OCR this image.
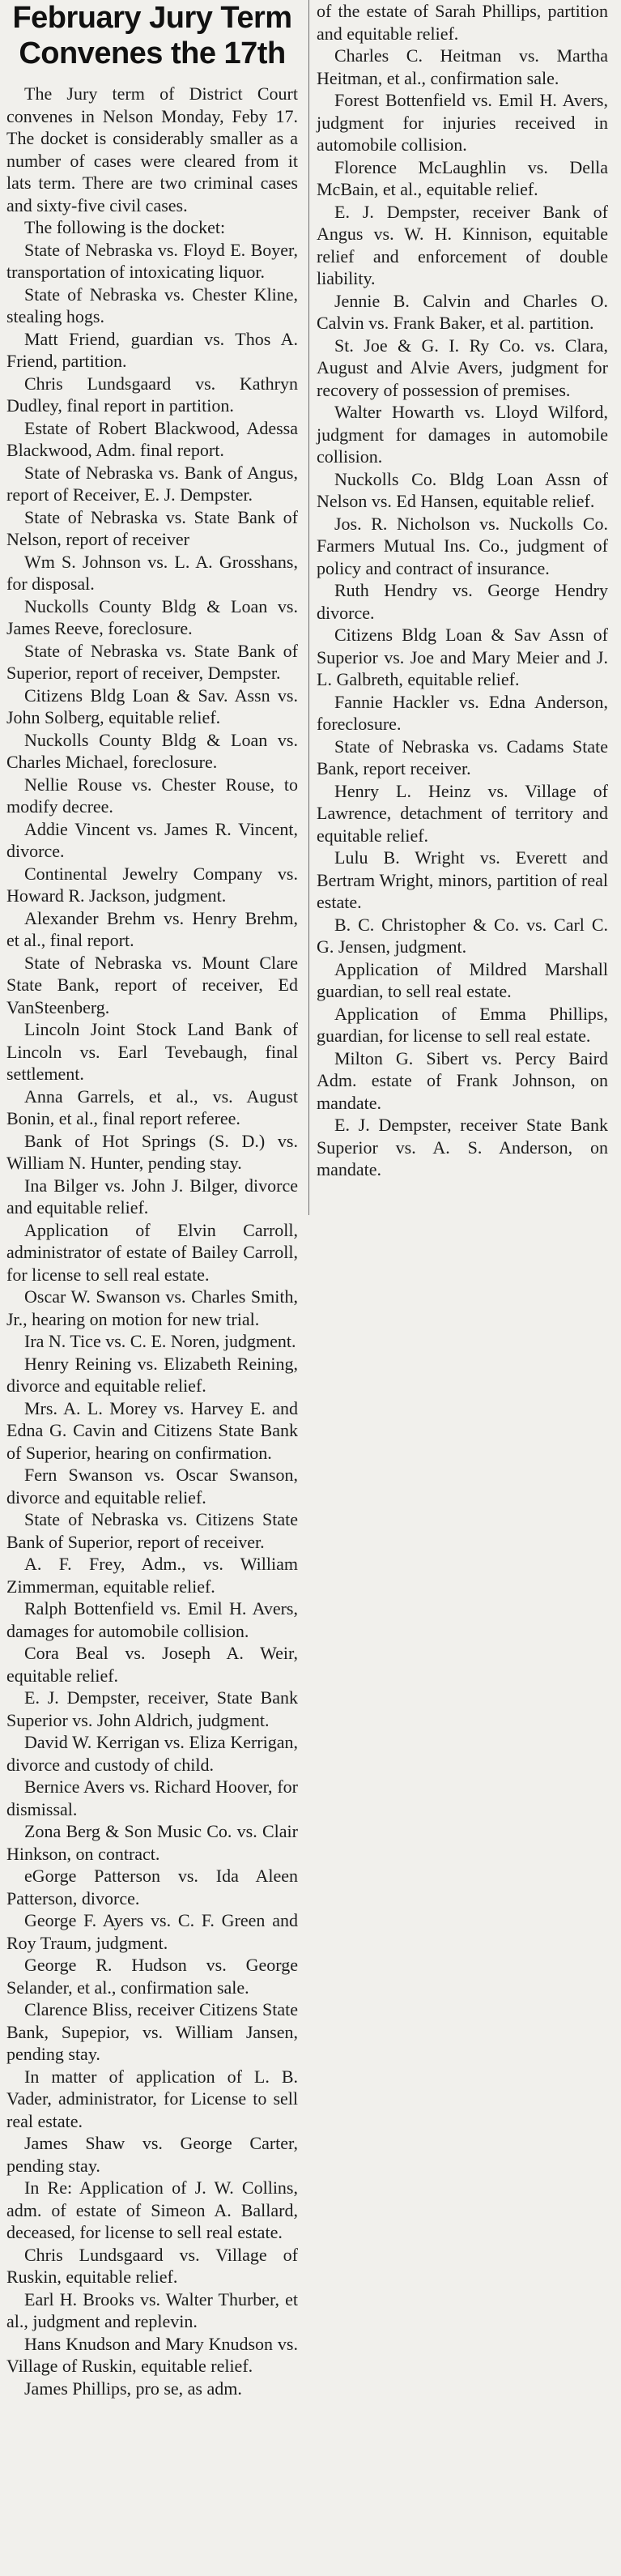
February Jury Term
Convenes the 17th

The Jury term of District Court convenes in Nelson Monday, Feby 17. The docket is considerably smaller as a number of cases were cleared from it lats term. There are two criminal cases and sixty-five civil cases.

The following is the docket:

State of Nebraska vs. Floyd E. Boyer, transportation of intoxicating liquor.

State of Nebraska vs. Chester Kline, stealing hogs.

Matt Friend, guardian vs. Thos A. Friend, partition.

Chris Lundsgaard vs. Kathryn Dudley, final report in partition.

Estate of Robert Blackwood, Adessa Blackwood, Adm. final report.

State of Nebraska vs. Bank of Angus, report of Receiver, E. J. Dempster.

State of Nebraska vs. State Bank of Nelson, report of receiver

Wm S. Johnson vs. L. A. Grosshans, for disposal.

Nuckolls County Bldg & Loan vs. James Reeve, foreclosure.

State of Nebraska vs. State Bank of Superior, report of receiver, Dempster.

Citizens Bldg Loan & Sav. Assn vs. John Solberg, equitable relief.

Nuckolls County Bldg & Loan vs. Charles Michael, foreclosure.

Nellie Rouse vs. Chester Rouse, to modify decree.

Addie Vincent vs. James R. Vincent, divorce.

Continental Jewelry Company vs. Howard R. Jackson, judgment.

Alexander Brehm vs. Henry Brehm, et al., final report.

State of Nebraska vs. Mount Clare State Bank, report of receiver, Ed VanSteenberg.

Lincoln Joint Stock Land Bank of Lincoln vs. Earl Tevebaugh, final settlement.

Anna Garrels, et al., vs. August Bonin, et al., final report referee.

Bank of Hot Springs (S. D.) vs. William N. Hunter, pending stay.

Ina Bilger vs. John J. Bilger, divorce and equitable relief.

Application of Elvin Carroll, administrator of estate of Bailey Carroll, for license to sell real estate.

Oscar W. Swanson vs. Charles Smith, Jr., hearing on motion for new trial.

Ira N. Tice vs. C. E. Noren, judgment.

Henry Reining vs. Elizabeth Reining, divorce and equitable relief.

Mrs. A. L. Morey vs. Harvey E. and Edna G. Cavin and Citizens State Bank of Superior, hearing on confirmation.

Fern Swanson vs. Oscar Swanson, divorce and equitable relief.

State of Nebraska vs. Citizens State Bank of Superior, report of receiver.

A. F. Frey, Adm., vs. William Zimmerman, equitable relief.

Ralph Bottenfield vs. Emil H. Avers, damages for automobile collision.

Cora Beal vs. Joseph A. Weir, equitable relief.

E. J. Dempster, receiver, State Bank Superior vs. John Aldrich, judgment.

David W. Kerrigan vs. Eliza Kerrigan, divorce and custody of child.

Bernice Avers vs. Richard Hoover, for dismissal.

Zona Berg & Son Music Co. vs. Clair Hinkson, on contract.

eGorge Patterson vs. Ida Aleen Patterson, divorce.

George F. Ayers vs. C. F. Green and Roy Traum, judgment.

George R. Hudson vs. George Selander, et al., confirmation sale.

Clarence Bliss, receiver Citizens State Bank, Supepior, vs. William Jansen, pending stay.

In matter of application of L. B. Vader, administrator, for License to sell real estate.

James Shaw vs. George Carter, pending stay.

In Re: Application of J. W. Collins, adm. of estate of Simeon A. Ballard, deceased, for license to sell real estate.

Chris Lundsgaard vs. Village of Ruskin, equitable relief.

Earl H. Brooks vs. Walter Thurber, et al., judgment and replevin.

Hans Knudson and Mary Knudson vs. Village of Ruskin, equitable relief.

James Phillips, pro se, as adm.

of the estate of Sarah Phillips, partition and equitable relief.

Charles C. Heitman vs. Martha Heitman, et al., confirmation sale.

Forest Bottenfield vs. Emil H. Avers, judgment for injuries received in automobile collision.

Florence McLaughlin vs. Della McBain, et al., equitable relief.

E. J. Dempster, receiver Bank of Angus vs. W. H. Kinnison, equitable relief and enforcement of double liability.

Jennie B. Calvin and Charles O. Calvin vs. Frank Baker, et al. partition.

St. Joe & G. I. Ry Co. vs. Clara, August and Alvie Avers, judgment for recovery of possession of premises.

Walter Howarth vs. Lloyd Wilford, judgment for damages in automobile collision.

Nuckolls Co. Bldg Loan Assn of Nelson vs. Ed Hansen, equitable relief.

Jos. R. Nicholson vs. Nuckolls Co. Farmers Mutual Ins. Co., judgment of policy and contract of insurance.

Ruth Hendry vs. George Hendry divorce.

Citizens Bldg Loan & Sav Assn of Superior vs. Joe and Mary Meier and J. L. Galbreth, equitable relief.

Fannie Hackler vs. Edna Anderson, foreclosure.

State of Nebraska vs. Cadams State Bank, report receiver.

Henry L. Heinz vs. Village of Lawrence, detachment of territory and equitable relief.

Lulu B. Wright vs. Everett and Bertram Wright, minors, partition of real estate.

B. C. Christopher & Co. vs. Carl C. G. Jensen, judgment.

Application of Mildred Marshall guardian, to sell real estate.

Application of Emma Phillips, guardian, for license to sell real estate.

Milton G. Sibert vs. Percy Baird Adm. estate of Frank Johnson, on mandate.

E. J. Dempster, receiver State Bank Superior vs. A. S. Anderson, on mandate.
